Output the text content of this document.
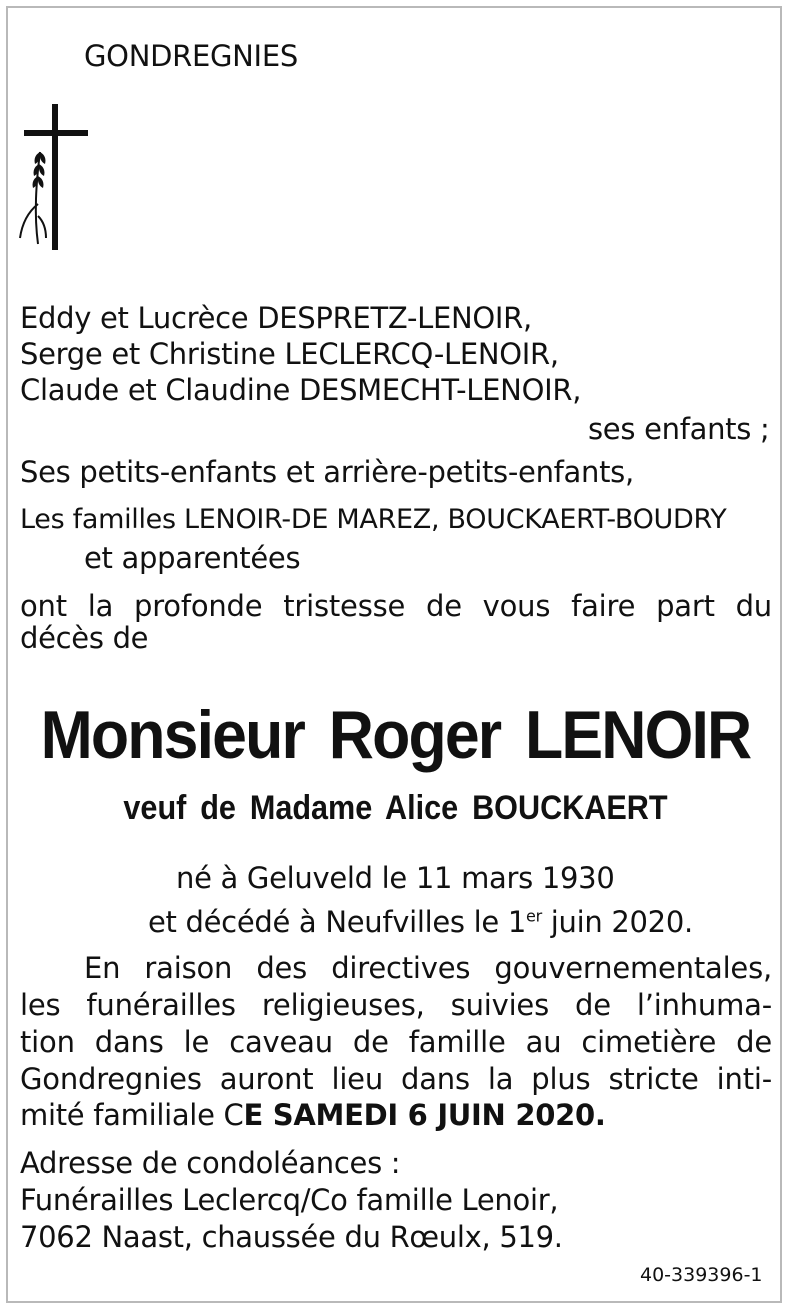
GONDREGNIES
Eddy et Lucrèce DESPRETZ-LENOIR,
Serge et Christine LECLERCQ-LENOIR,
Claude et Claudine DESMECHT-LENOIR,
ses enfants ;
Ses petits-enfants et arrière-petits-enfants,
Les familles LENOIR-DE MAREZ, BOUCKAERT-BOUDRY
et apparentées
ont la profonde tristesse de vous faire part du
décès de
Monsieur Roger LENOIR
veuf de Madame Alice BOUCKAERT
né à Geluveld le 11 mars 1930
et décédé à Neufvilles le 1er juin 2020.
En raison des directives gouvernementales,
les funérailles religieuses, suivies de l’inhuma-
tion dans le caveau de famille au cimetière de
Gondregnies auront lieu dans la plus stricte inti-
mité familiale CE SAMEDI 6 JUIN 2020.
Adresse de condoléances :
Funérailles Leclercq/Co famille Lenoir,
7062 Naast, chaussée du Rœulx, 519.
40-339396-1
